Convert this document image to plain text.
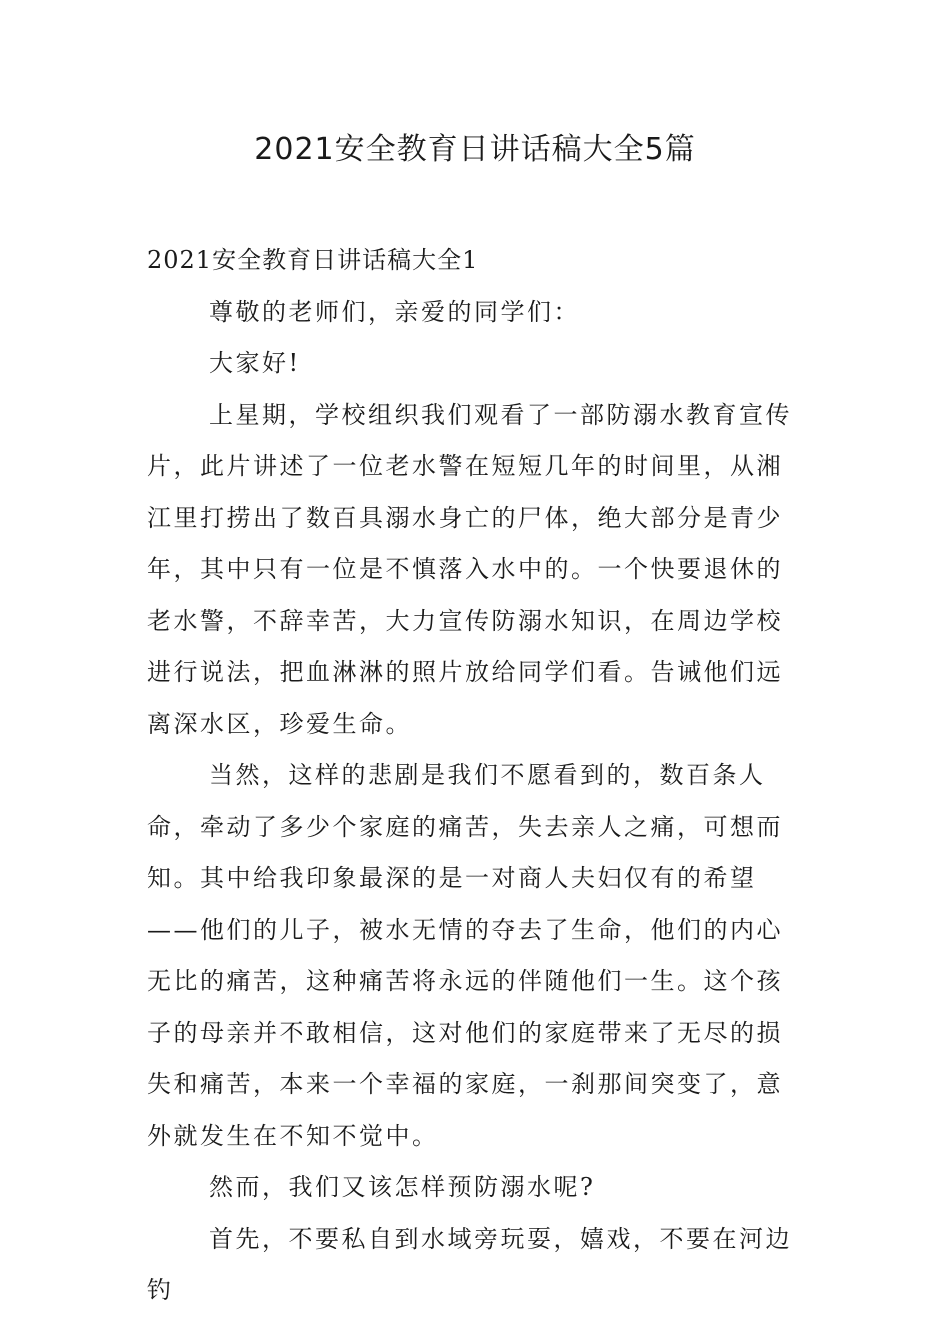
2021安全教育日讲话稿大全5篇

2021安全教育日讲话稿大全1

尊敬的老师们，亲爱的同学们：

大家好!

上星期，学校组织我们观看了一部防溺水教育宣传片，此片讲述了一位老水警在短短几年的时间里，从湘江里打捞出了数百具溺水身亡的尸体，绝大部分是青少年，其中只有一位是不慎落入水中的。一个快要退休的老水警，不辞幸苦，大力宣传防溺水知识，在周边学校进行说法，把血淋淋的照片放给同学们看。告诫他们远离深水区，珍爱生命。

当然，这样的悲剧是我们不愿看到的，数百条人命，牵动了多少个家庭的痛苦，失去亲人之痛，可想而知。其中给我印象最深的是一对商人夫妇仅有的希望——他们的儿子，被水无情的夺去了生命，他们的内心无比的痛苦，这种痛苦将永远的伴随他们一生。这个孩子的母亲并不敢相信，这对他们的家庭带来了无尽的损失和痛苦，本来一个幸福的家庭，一刹那间突变了，意外就发生在不知不觉中。

然而，我们又该怎样预防溺水呢?

首先，不要私自到水域旁玩耍，嬉戏，不要在河边钓
